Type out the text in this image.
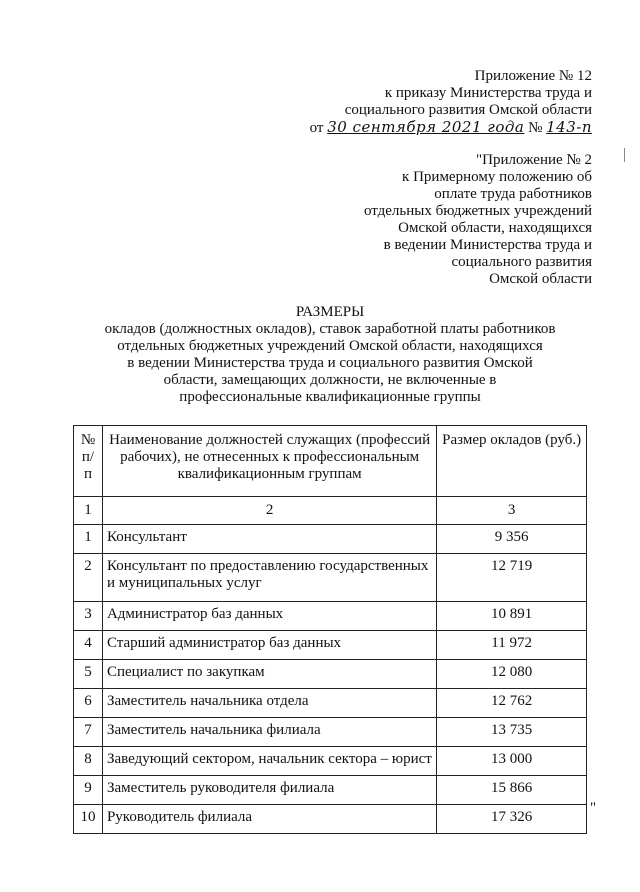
Приложение № 12
к приказу Министерства труда и
социального развития Омской области
от 30 сентября 2021 года № 143-п
"Приложение № 2
к Примерному положению об
оплате труда работников
отдельных бюджетных учреждений
Омской области, находящихся
в ведении Министерства труда и
социального развития
Омской области
РАЗМЕРЫ
окладов (должностных окладов), ставок заработной платы работников
отдельных бюджетных учреждений Омской области, находящихся
в ведении Министерства труда и социального развития Омской
области, замещающих должности, не включенные в
профессиональные квалификационные группы
№ п/п	Наименование должностей служащих (профессий рабочих), не отнесенных к профессиональным квалификационным группам	Размер окладов (руб.)
1	2	3
1	Консультант	9 356
2	Консультант по предоставлению государственных и муниципальных услуг	12 719
3	Администратор баз данных	10 891
4	Старший администратор баз данных	11 972
5	Специалист по закупкам	12 080
6	Заместитель начальника отдела	12 762
7	Заместитель начальника филиала	13 735
8	Заведующий сектором, начальник сектора – юрист	13 000
9	Заместитель руководителя филиала	15 866
10	Руководитель филиала	17 326
"
